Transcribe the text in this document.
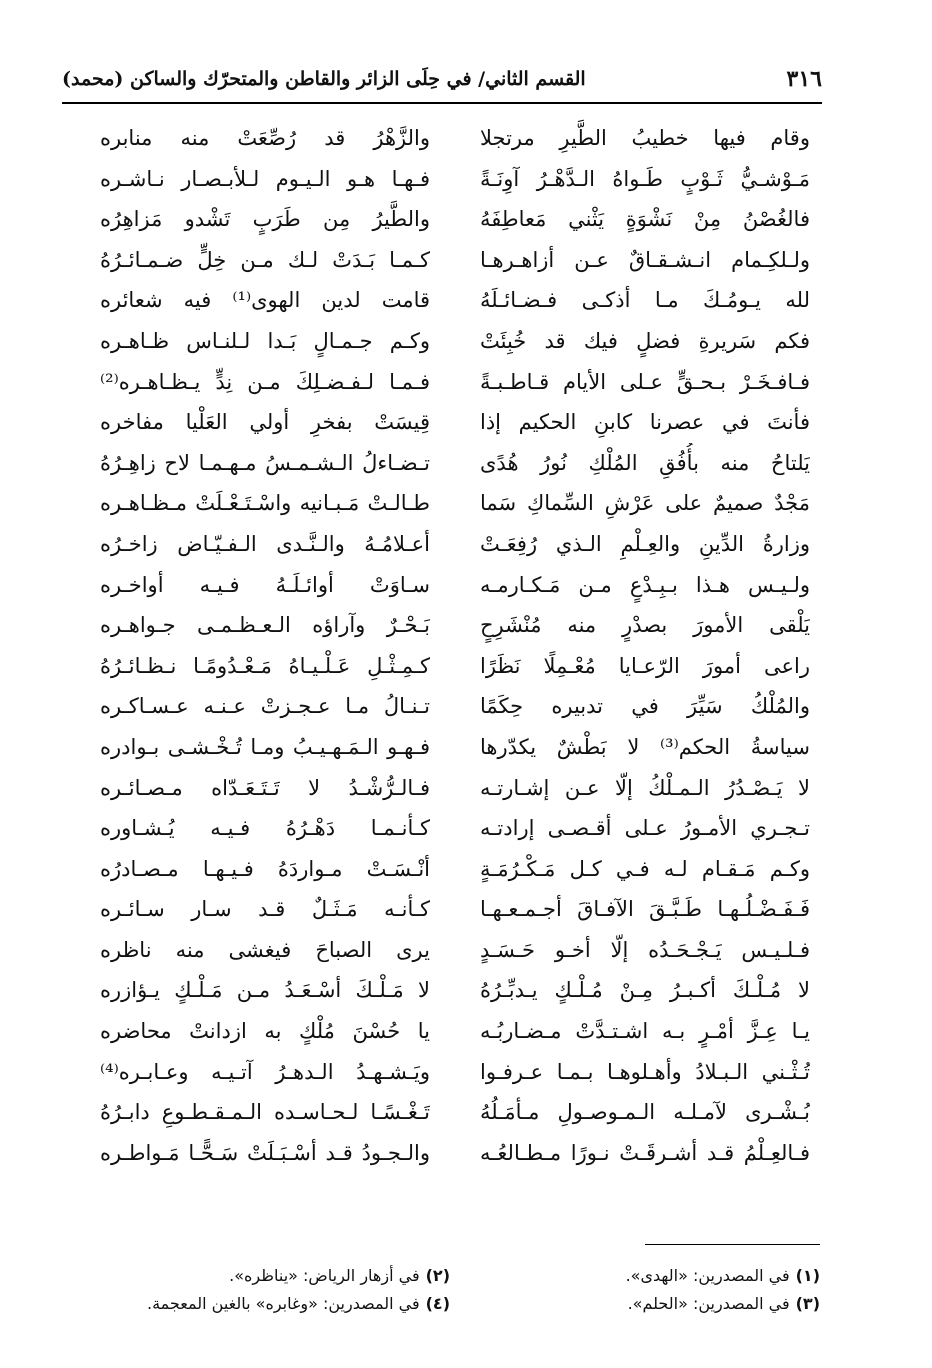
٣١٦
القسم الثاني/ في حِلَى الزائر والقاطن والمتحرّك والساكن (محمد)
وقام فيها خطيبُ الطَّيرِ مرتجلا
مَـوْشـيُّ ثَـوْبٍ طَـواهُ الـدَّهْـرُ آوِنَـةً
فالغُصْنُ مِنْ نَشْوَةٍ يَثْني مَعاطِفَهُ
ولـلكِـمام انـشـقـاقٌ عـن أزاهـرهـا
لله يـومُـكَ مـا أذكـى فـضـائـلَهُ
فكم سَريرةِ فضلٍ فيك قد خُبِئَتْ
فـافـخَـرْ بـحـقٍّ عـلى الأيام قـاطـبـةً
فأنتَ في عصرنا كابنِ الحكيم إذا
يَلتاحُ منه بأُفُقِ المُلْكِ نُورُ هُدًى
مَجْدٌ صميمٌ على عَرْشِ السِّماكِ سَما
وزارةُ الدِّينِ والعِـلْمِ الـذي رُفِعَـتْ
ولـيـس هـذا بـبِـدْعٍ مـن مَـكـارمـه
يَلْقى الأمورَ بصدْرٍ منه مُنْشَرِحٍ
راعى أمورَ الرّعـايا مُعْـمِلًا نَظَرًا
والمُلْكُ سَيِّرَ في تدبيره حِكَمًا
سياسةُ الحكم⁽³⁾ لا بَطْشٌ يكدّرها
لا يَـصْـدُرُ الـمـلْكُ إلّا عـن إشـارتـه
تـجـري الأمـورُ عـلى أقـصـى إرادتـه
وكـم مَـقـام لـه فـي كـل مَـكْـرُمَـةٍ
فَـفَـضْـلُـهـا طَـبَّـقَ الآفـاقَ أجـمـعـهـا
فـلـيـس يَـجْـحَـدُه إلّا أخـو حَـسَـدٍ
لا مُـلْـكَ أكـبـرُ مِـنْ مُـلْـكٍ يـدبِّـرُهُ
يـا عِـزَّ أمْـرٍ بـه اشـتـدَّتْ مـضـاربُـه
تُـثْـني الـبـلادُ وأهـلوهـا بـمـا عـرفـوا
بُـشْـرى لآمـلـه الـمـوصـولِ مـأمَـلُهُ
فـالعِـلْمُ قـد أشـرقَـتْ نـورًا مـطـالعُـه
والزَّهْرُ قد رُصِّعَتْ منه منابره
فـهـا هـو الـيـوم لـلأبـصـار نـاشـره
والطَّيرُ مِن طَرَبٍ تَشْدو مَزاهِرُه
كـمـا بَـدَتْ لـك مـن خِلٍّ ضـمـائـرُهُ
قامت لدين الهوى⁽¹⁾ فيه شعائره
وكـم جـمـالٍ بَـدا لـلنـاس ظـاهـره
فـمـا لـفـضـلِكَ مـن نِدٍّ يـظـاهـره⁽²⁾
قِيسَتْ بفخرِ أولي العَلْيا مفاخره
تـضـاءلُ الـشـمـسُ مـهـمـا لاح زاهِـرُهُ
طـالـتْ مَـبـانيه واسْـتَـعْـلَتْ مـظـاهـره
أعـلامُـهُ والـنَّـدى الـفـيّـاض زاخـرُه
سـاوَتْ أوائـلَـهُ فـيـه أواخـره
بَـحْـرٌ وآراؤه الـعـظـمـى جـواهـره
كـمِـثْـلِ عَـلْـيـاهُ مَـعْـدُومًـا نـظـائـرُهُ
تـنـالُ مـا عـجـزتْ عـنـه عـسـاكـره
فـهـو الـمَـهـيـبُ ومـا تُـخْـشـى بـوادره
فـالـرُّشْـدُ لا تَـتَـعَـدّاه مـصـائـره
كـأنـمـا دَهْـرُهُ فـيـه يُـشـاوره
أنْـسَـتْ مـواردَهُ فـيـهـا مـصـادرُه
كـأنـه مَـثَـلٌ قـد سـار سـائـره
يرى الصباحَ فيغشى منه ناظره
لا مَـلْـكَ أسْـعَـدُ مـن مَـلْـكٍ يـؤازره
يا حُسْنَ مُلْكٍ به ازدانتْ محاضره
ويَـشـهـدُ الـدهـرُ آتـيـه وعـابـره⁽⁴⁾
تَـغْـسًـا لـحـاسـده الـمـقـطـوعِ دابـرُهُ
والـجـودُ قـد أسْـبَـلَتْ سَـحًّـا مَـواطـره
(١)في المصدرين: «الهدى».
(٣)في المصدرين: «الحلم».
(٢)في أزهار الرياض: «يناظره».
(٤)في المصدرين: «وغابره» بالغين المعجمة.
